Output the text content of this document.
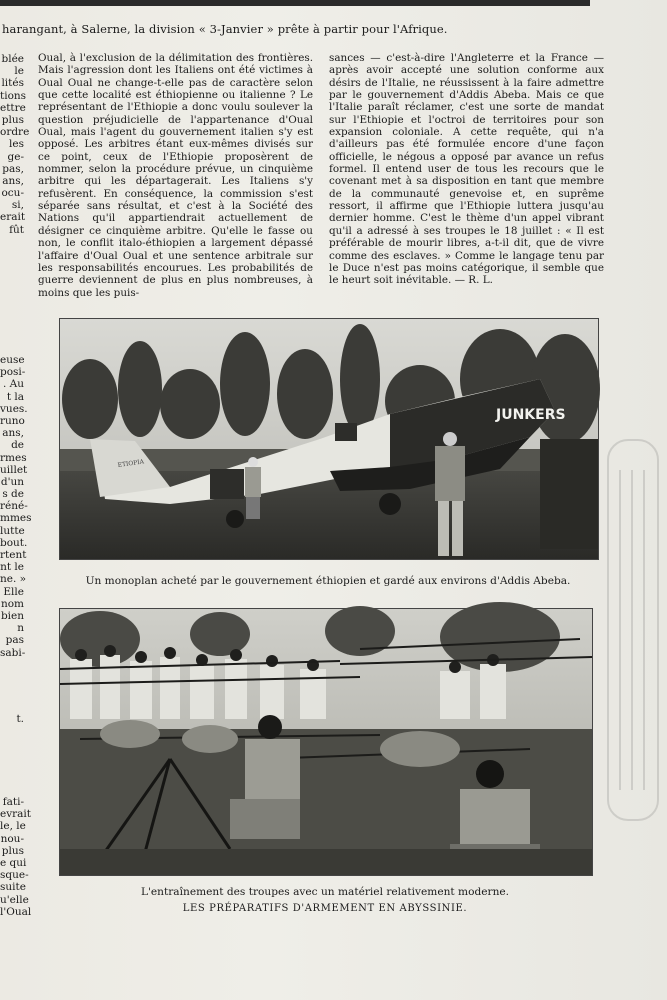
harangant, à Salerne, la division « 3-Janvier » prête à partir pour l'Afrique.
blée
le
lités
tions
ettre
plus
ordre
les
ge-
pas,
ans,
ocu-
si,
erait
fût
euse
posi-
. Au
t la
vues.
runo
ans,
de
rmes
uillet
d'un
s de
réné-
mmes
lutte
bout.
rtent
nt le
ne. »
Elle
nom
bien
n
pas
sabi-
t.
fati-
evrait
le, le
nou-
plus
e qui
sque-
suite
u'elle
l'Oual

Oual, à l'exclusion de la délimitation des frontières. Mais l'agression dont les Italiens ont été victimes à Oual Oual ne change-t-elle pas de caractère selon que cette localité est éthiopienne ou italienne ? Le représentant de l'Ethiopie a donc voulu soulever la question préjudicielle de l'appartenance d'Oual Oual, mais l'agent du gouvernement italien s'y est opposé. Les arbitres étant eux-mêmes divisés sur ce point, ceux de l'Ethiopie proposèrent de nommer, selon la procédure prévue, un cinquième arbitre qui les départagerait. Les Italiens s'y refusèrent. En conséquence, la commission s'est séparée sans résultat, et c'est à la Société des Nations qu'il appartiendrait actuellement de désigner ce cinquième arbitre. Qu'elle le fasse ou non, le conflit italo-éthiopien a largement dépassé l'affaire d'Oual Oual et une sentence arbitrale sur les responsabilités encourues. Les probabilités de guerre deviennent de plus en plus nombreuses, à moins que les puis-

sances — c'est-à-dire l'Angleterre et la France — après avoir accepté une solution conforme aux désirs de l'Italie, ne réussissent à la faire admettre par le gouvernement d'Addis Abeba. Mais ce que l'Italie paraît réclamer, c'est une sorte de mandat sur l'Ethiopie et l'octroi de territoires pour son expansion coloniale. A cette requête, qui n'a d'ailleurs pas été formulée encore d'une façon officielle, le négous a opposé par avance un refus formel. Il entend user de tous les recours que le covenant met à sa disposition en tant que membre de la communauté genevoise et, en suprême ressort, il affirme que l'Ethiopie luttera jusqu'au dernier homme. C'est le thème d'un appel vibrant qu'il a adressé à ses troupes le 18 juillet : « Il est préférable de mourir libres, a-t-il dit, que de vivre comme des esclaves. » Comme le langage tenu par le Duce n'est pas moins catégorique, il semble que le heurt soit inévitable. — R. L.

JUNKERS
ETIOPIA
Un monoplan acheté par le gouvernement éthiopien et gardé aux environs d'Addis Abeba.
L'entraînement des troupes avec un matériel relativement moderne.
LES PRÉPARATIFS D'ARMEMENT EN ABYSSINIE.
